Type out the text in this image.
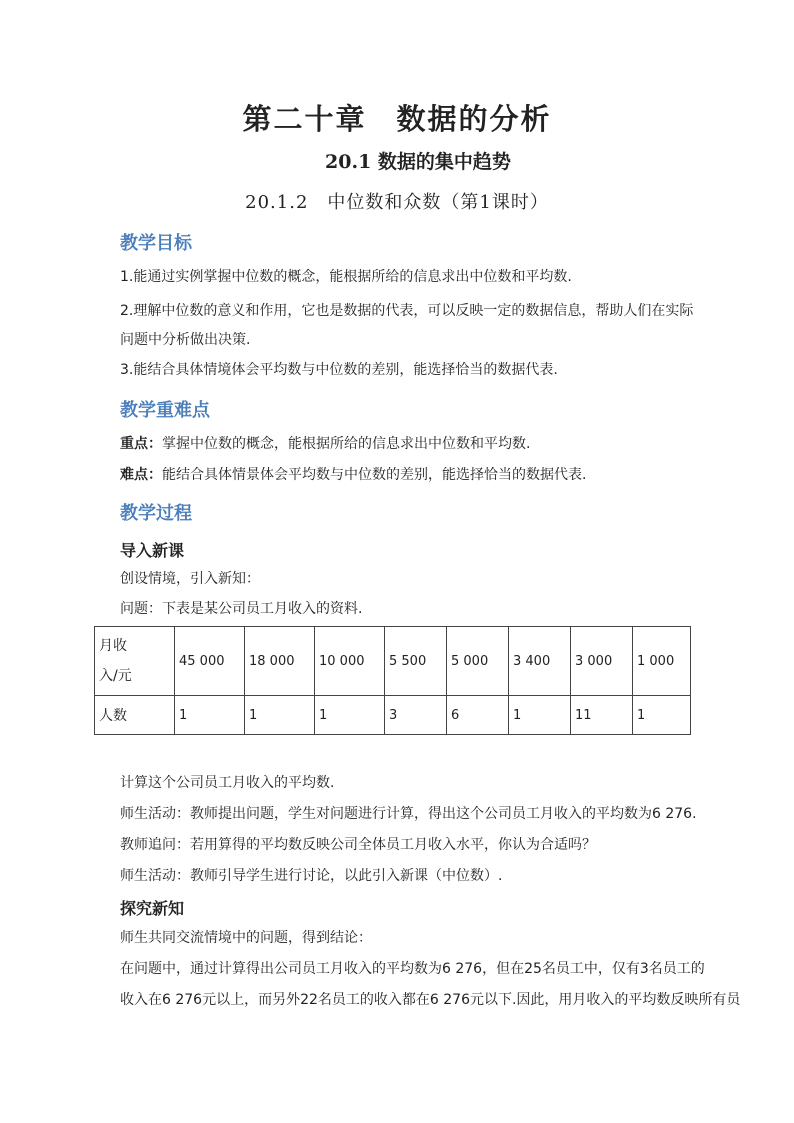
第二十章 数据的分析
20.1 数据的集中趋势
20.1.2　中位数和众数（第1课时）
教学目标
1.能通过实例掌握中位数的概念，能根据所给的信息求出中位数和平均数.
2.理解中位数的意义和作用，它也是数据的代表，可以反映一定的数据信息，帮助人们在实际问题中分析做出决策.
3.能结合具体情境体会平均数与中位数的差别，能选择恰当的数据代表.
教学重难点
重点：掌握中位数的概念，能根据所给的信息求出中位数和平均数.
难点：能结合具体情景体会平均数与中位数的差别，能选择恰当的数据代表.
教学过程
导入新课
创设情境，引入新知：
问题：下表是某公司员工月收入的资料.
月收
入/元	45 000	18 000	10 000	5 500	5 000	3 400	3 000	1 000
人数	1	1	1	3	6	1	11	1
计算这个公司员工月收入的平均数.
师生活动：教师提出问题，学生对问题进行计算，得出这个公司员工月收入的平均数为6 276.
教师追问：若用算得的平均数反映公司全体员工月收入水平，你认为合适吗？
师生活动：教师引导学生进行讨论，以此引入新课（中位数）.
探究新知
师生共同交流情境中的问题，得到结论：
在问题中，通过计算得出公司员工月收入的平均数为6 276，但在25名员工中，仅有3名员工的
收入在6 276元以上，而另外22名员工的收入都在6 276元以下.因此，用月收入的平均数反映所有员
